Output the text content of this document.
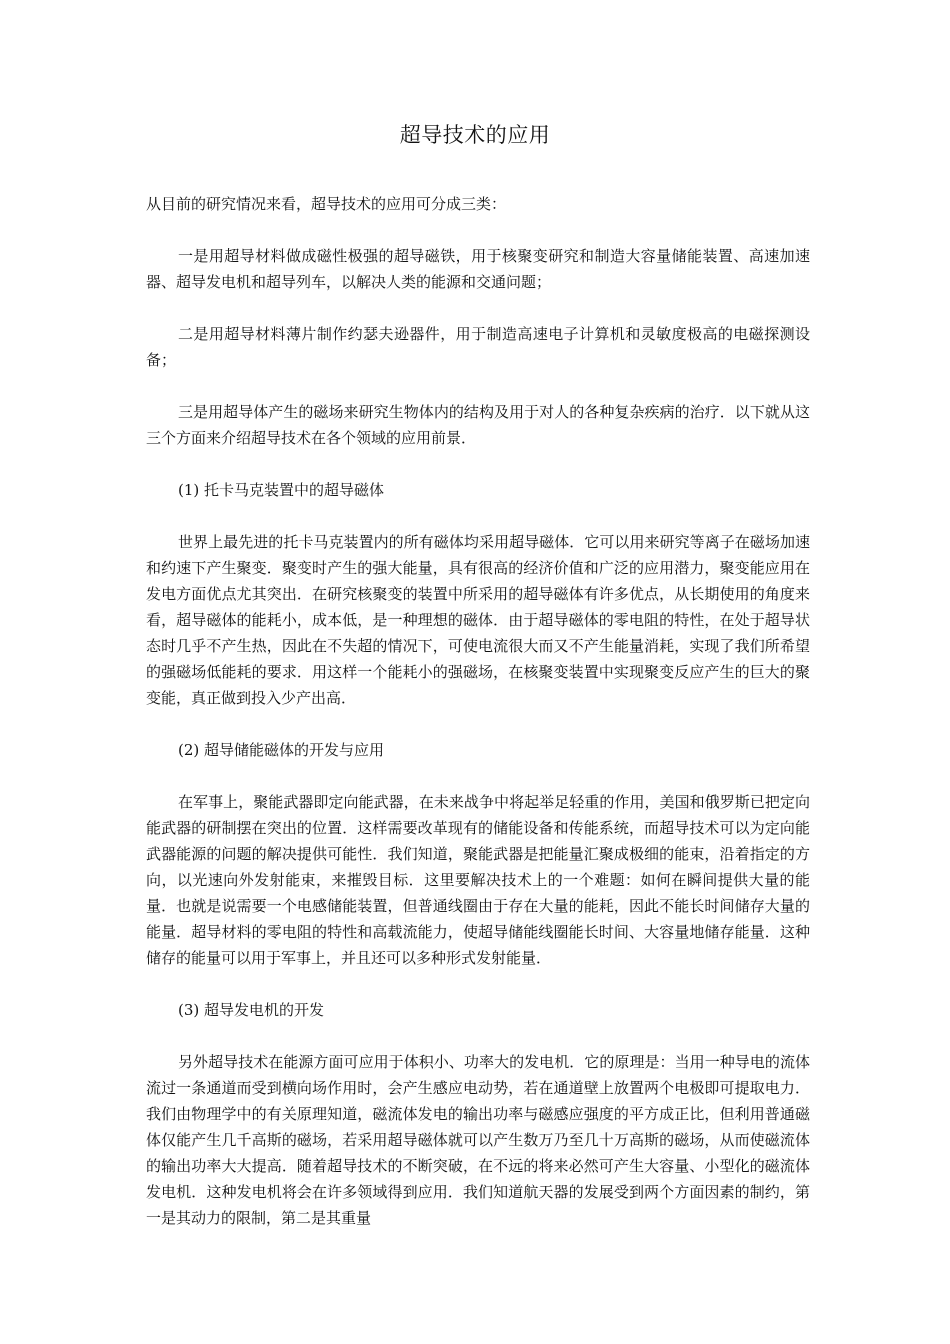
超导技术的应用

从目前的研究情况来看，超导技术的应用可分成三类：

一是用超导材料做成磁性极强的超导磁铁，用于核聚变研究和制造大容量储能装置、高速加速器、超导发电机和超导列车，以解决人类的能源和交通问题；

二是用超导材料薄片制作约瑟夫逊器件，用于制造高速电子计算机和灵敏度极高的电磁探测设备；

三是用超导体产生的磁场来研究生物体内的结构及用于对人的各种复杂疾病的治疗．以下就从这三个方面来介绍超导技术在各个领域的应用前景．

(1) 托卡马克装置中的超导磁体

世界上最先进的托卡马克装置内的所有磁体均采用超导磁体．它可以用来研究等离子在磁场加速和约速下产生聚变．聚变时产生的强大能量，具有很高的经济价值和广泛的应用潜力，聚变能应用在发电方面优点尤其突出．在研究核聚变的装置中所采用的超导磁体有许多优点，从长期使用的角度来看，超导磁体的能耗小，成本低，是一种理想的磁体．由于超导磁体的零电阻的特性，在处于超导状态时几乎不产生热，因此在不失超的情况下，可使电流很大而又不产生能量消耗，实现了我们所希望的强磁场低能耗的要求．用这样一个能耗小的强磁场，在核聚变装置中实现聚变反应产生的巨大的聚变能，真正做到投入少产出高．

(2) 超导储能磁体的开发与应用

在军事上，聚能武器即定向能武器，在未来战争中将起举足轻重的作用，美国和俄罗斯已把定向能武器的研制摆在突出的位置．这样需要改革现有的储能设备和传能系统，而超导技术可以为定向能武器能源的问题的解决提供可能性．我们知道，聚能武器是把能量汇聚成极细的能束，沿着指定的方向，以光速向外发射能束，来摧毁目标．这里要解决技术上的一个难题：如何在瞬间提供大量的能量．也就是说需要一个电感储能装置，但普通线圈由于存在大量的能耗，因此不能长时间储存大量的能量．超导材料的零电阻的特性和高载流能力，使超导储能线圈能长时间、大容量地储存能量．这种储存的能量可以用于军事上，并且还可以多种形式发射能量．

(3) 超导发电机的开发

另外超导技术在能源方面可应用于体积小、功率大的发电机．它的原理是：当用一种导电的流体流过一条通道而受到横向场作用时，会产生感应电动势，若在通道壁上放置两个电极即可提取电力．我们由物理学中的有关原理知道，磁流体发电的输出功率与磁感应强度的平方成正比，但利用普通磁体仅能产生几千高斯的磁场，若采用超导磁体就可以产生数万乃至几十万高斯的磁场，从而使磁流体的输出功率大大提高．随着超导技术的不断突破，在不远的将来必然可产生大容量、小型化的磁流体发电机．这种发电机将会在许多领域得到应用．我们知道航天器的发展受到两个方面因素的制约，第一是其动力的限制，第二是其重量
